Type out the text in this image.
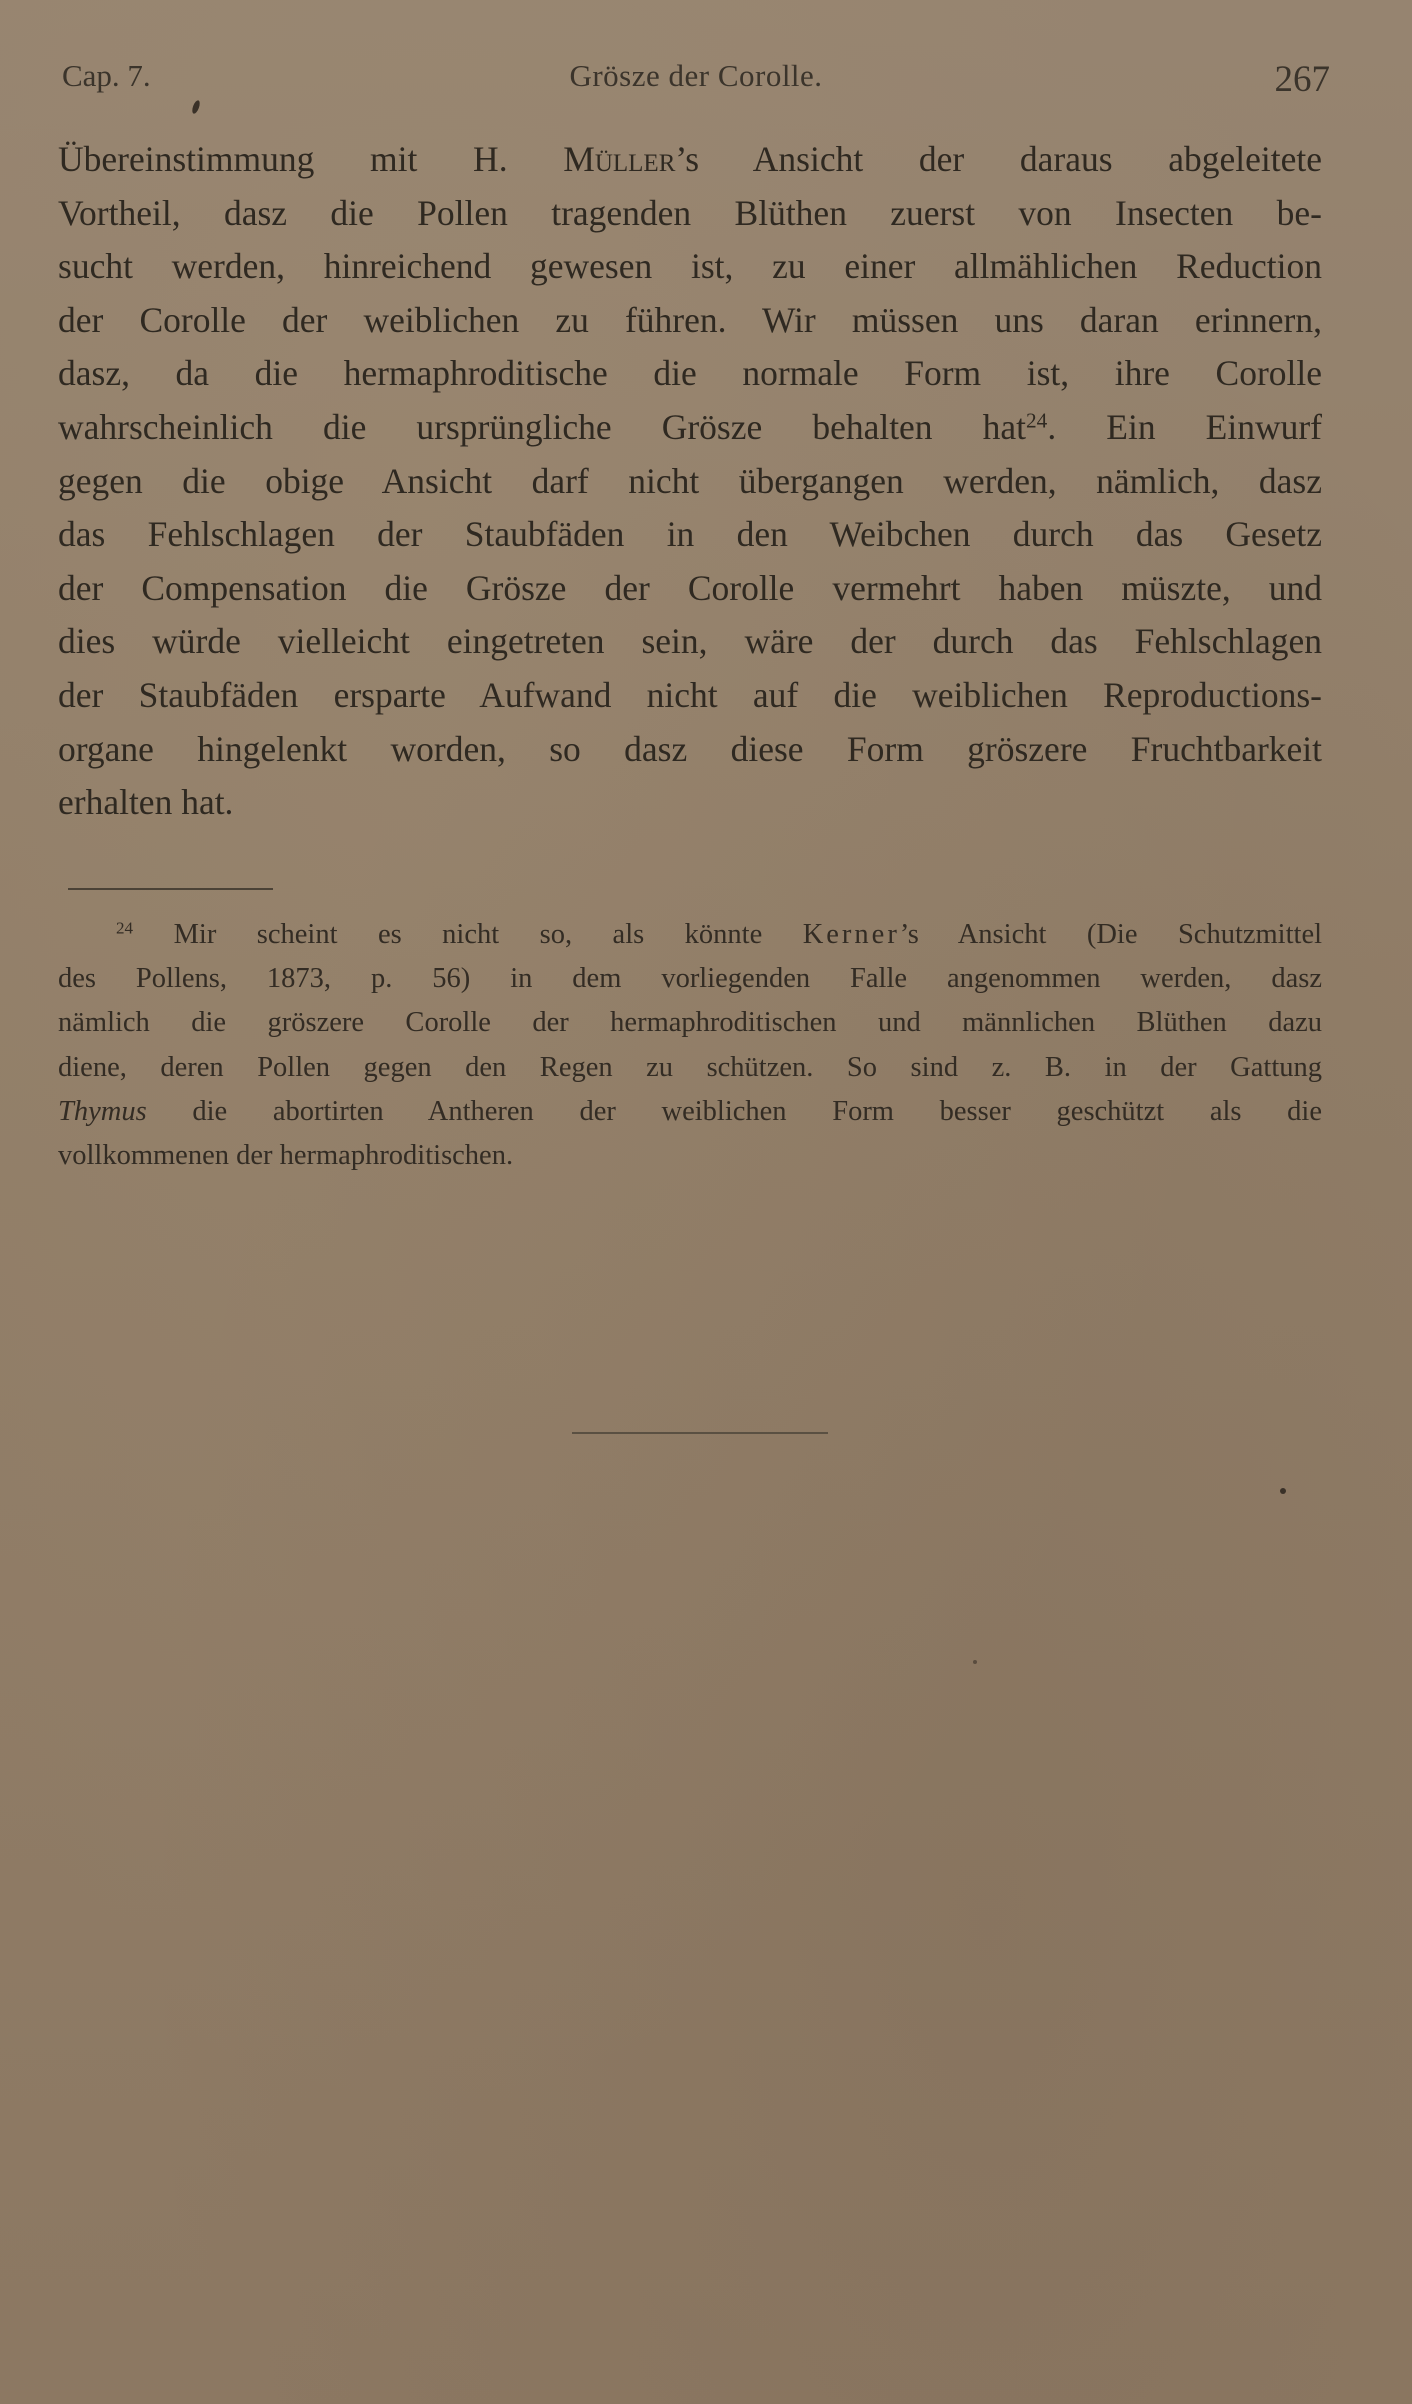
Cap. 7.	Grösze der Corolle.	267
Übereinstimmung mit H. Müller’s Ansicht der daraus abgeleitete
Vortheil, dasz die Pollen tragenden Blüthen zuerst von Insecten be-
sucht werden, hinreichend gewesen ist, zu einer allmählichen Reduction
der Corolle der weiblichen zu führen. Wir müssen uns daran erinnern,
dasz, da die hermaphroditische die normale Form ist, ihre Corolle
wahrscheinlich die ursprüngliche Grösze behalten hat$^{24}$. Ein Einwurf
gegen die obige Ansicht darf nicht übergangen werden, nämlich, dasz
das Fehlschlagen der Staubfäden in den Weibchen durch das Gesetz
der Compensation die Grösze der Corolle vermehrt haben müszte, und
dies würde vielleicht eingetreten sein, wäre der durch das Fehlschlagen
der Staubfäden ersparte Aufwand nicht auf die weiblichen Reproductions-
organe hingelenkt worden, so dasz diese Form gröszere Fruchtbarkeit
erhalten hat.
$^{24}$ Mir scheint es nicht so, als könnte Kerner’s Ansicht (Die Schutzmittel
des Pollens, 1873, p. 56) in dem vorliegenden Falle angenommen werden, dasz
nämlich die gröszere Corolle der hermaphroditischen und männlichen Blüthen dazu
diene, deren Pollen gegen den Regen zu schützen. So sind z. B. in der Gattung
Thymus die abortirten Antheren der weiblichen Form besser geschützt als die
vollkommenen der hermaphroditischen.
